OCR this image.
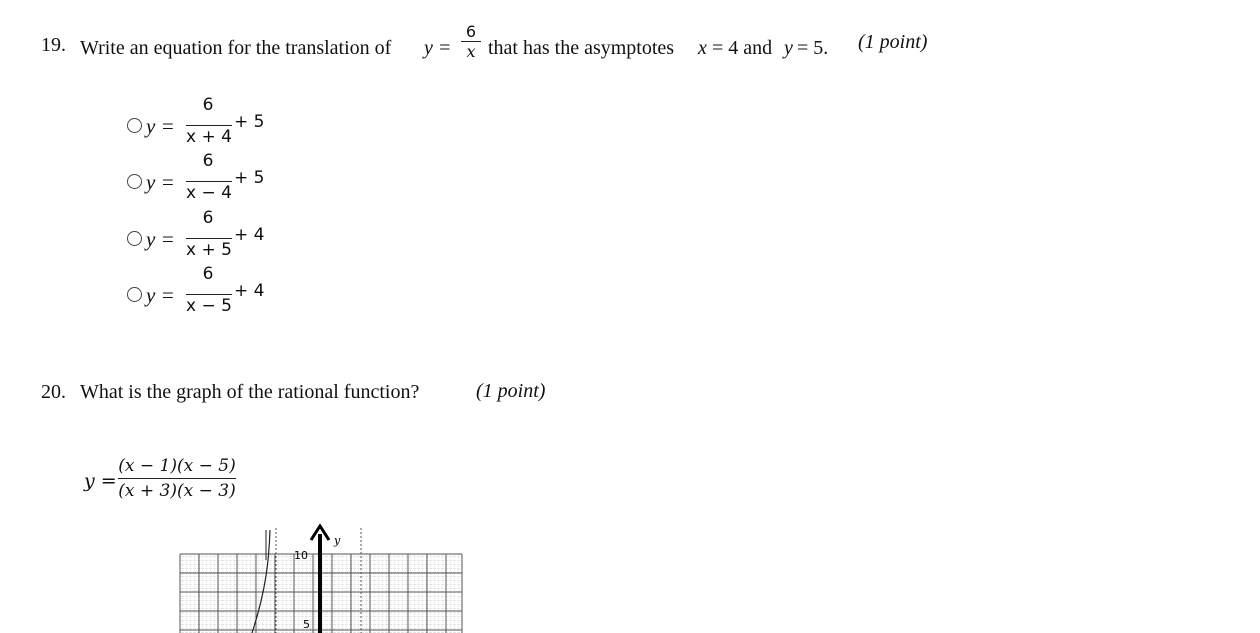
19. Write an equation for the translation of y =
6
x that has the asymptotes x = 4 and y = 5. (1 point)
y =
6
x + 4
+ 5
y =
6
x − 4
+ 5
y =
6
x + 5
+ 4
y =
6
x − 5
+ 4
20. What is the graph of the rational function?	(1 point)
y =
(x − 1)(x − 5)
(x + 3)(x − 3)
y
10
5
